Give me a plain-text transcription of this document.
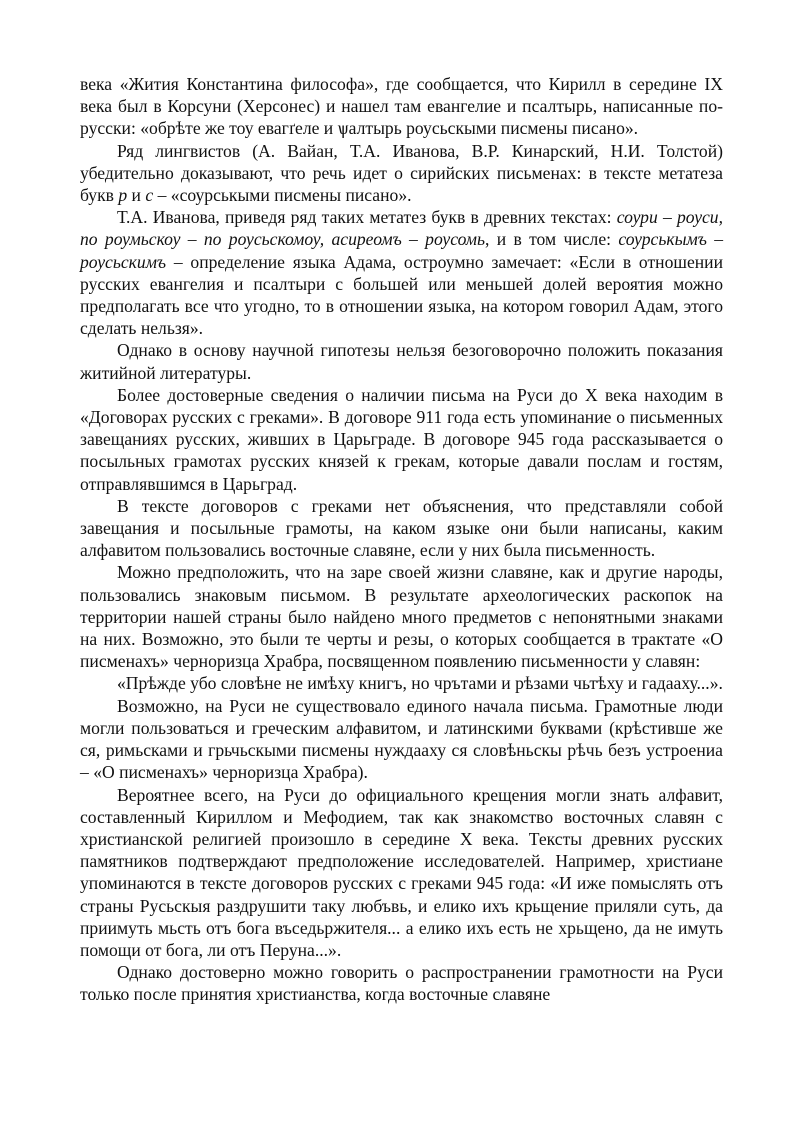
века «Жития Константина философа», где сообщается, что Кирилл в середине IX века был в Корсуни (Херсонес) и нашел там евангелие и псалтырь, написанные по-русски: «обрѣте же тоу евагґеле и ѱалтырь роусьскыми писмены писано».

Ряд лингвистов (А. Вайан, Т.А. Иванова, В.Р. Кинарский, Н.И. Толстой) убедительно доказывают, что речь идет о сирийских письменах: в тексте метатеза букв р и с – «соурськыми писмены писано».

Т.А. Иванова, приведя ряд таких метатез букв в древних текстах: соури – роуси, по роумьскоу – по роусьскомоу, асиреомъ – роусомь, и в том числе: соурськымъ – роусьскимъ – определение языка Адама, остроумно замечает: «Если в отношении русских евангелия и псалтыри с большей или меньшей долей вероятия можно предполагать все что угодно, то в отношении языка, на котором говорил Адам, этого сделать нельзя».

Однако в основу научной гипотезы нельзя безоговорочно положить показания житийной литературы.

Более достоверные сведения о наличии письма на Руси до X века находим в «Договорах русских с греками». В договоре 911 года есть упоминание о письменных завещаниях русских, живших в Царьграде. В договоре 945 года рассказывается о посыльных грамотах русских князей к грекам, которые давали послам и гостям, отправлявшимся в Царьград.

В тексте договоров с греками нет объяснения, что представляли собой завещания и посыльные грамоты, на каком языке они были написаны, каким алфавитом пользовались восточные славяне, если у них была письменность.

Можно предположить, что на заре своей жизни славяне, как и другие народы, пользовались знаковым письмом. В результате археологических раскопок на территории нашей страны было найдено много предметов с непонятными знаками на них. Возможно, это были те черты и резы, о которых сообщается в трактате «О писменахъ» черноризца Храбра, посвященном появлению письменности у славян:

«Прѣжде убо словѣне не имѣху книгъ, но чрътами и рѣзами чьтѣху и гадааху...».

Возможно, на Руси не существовало единого начала письма. Грамотные люди могли пользоваться и греческим алфавитом, и латинскими буквами (крѣстивше же ся, римьсками и грьчьскыми писмены нуждааху ся словѣньскы рѣчь безъ устроениа – «О писменахъ» черноризца Храбра).

Вероятнее всего, на Руси до официального крещения могли знать алфавит, составленный Кириллом и Мефодием, так как знакомство восточных славян с христианской религией произошло в середине X века. Тексты древних русских памятников подтверждают предположение исследователей. Например, христиане упоминаются в тексте договоров русских с греками 945 года: «И иже помыслять отъ страны Русьскыя раздрушити таку любъвь, и елико ихъ крьщение приляли суть, да приимуть мьсть отъ бога въседьржителя... а елико ихъ есть не хрьщено, да не имуть помощи от бога, ли отъ Перуна...».

Однако достоверно можно говорить о распространении грамотности на Руси только после принятия христианства, когда восточные славяне
